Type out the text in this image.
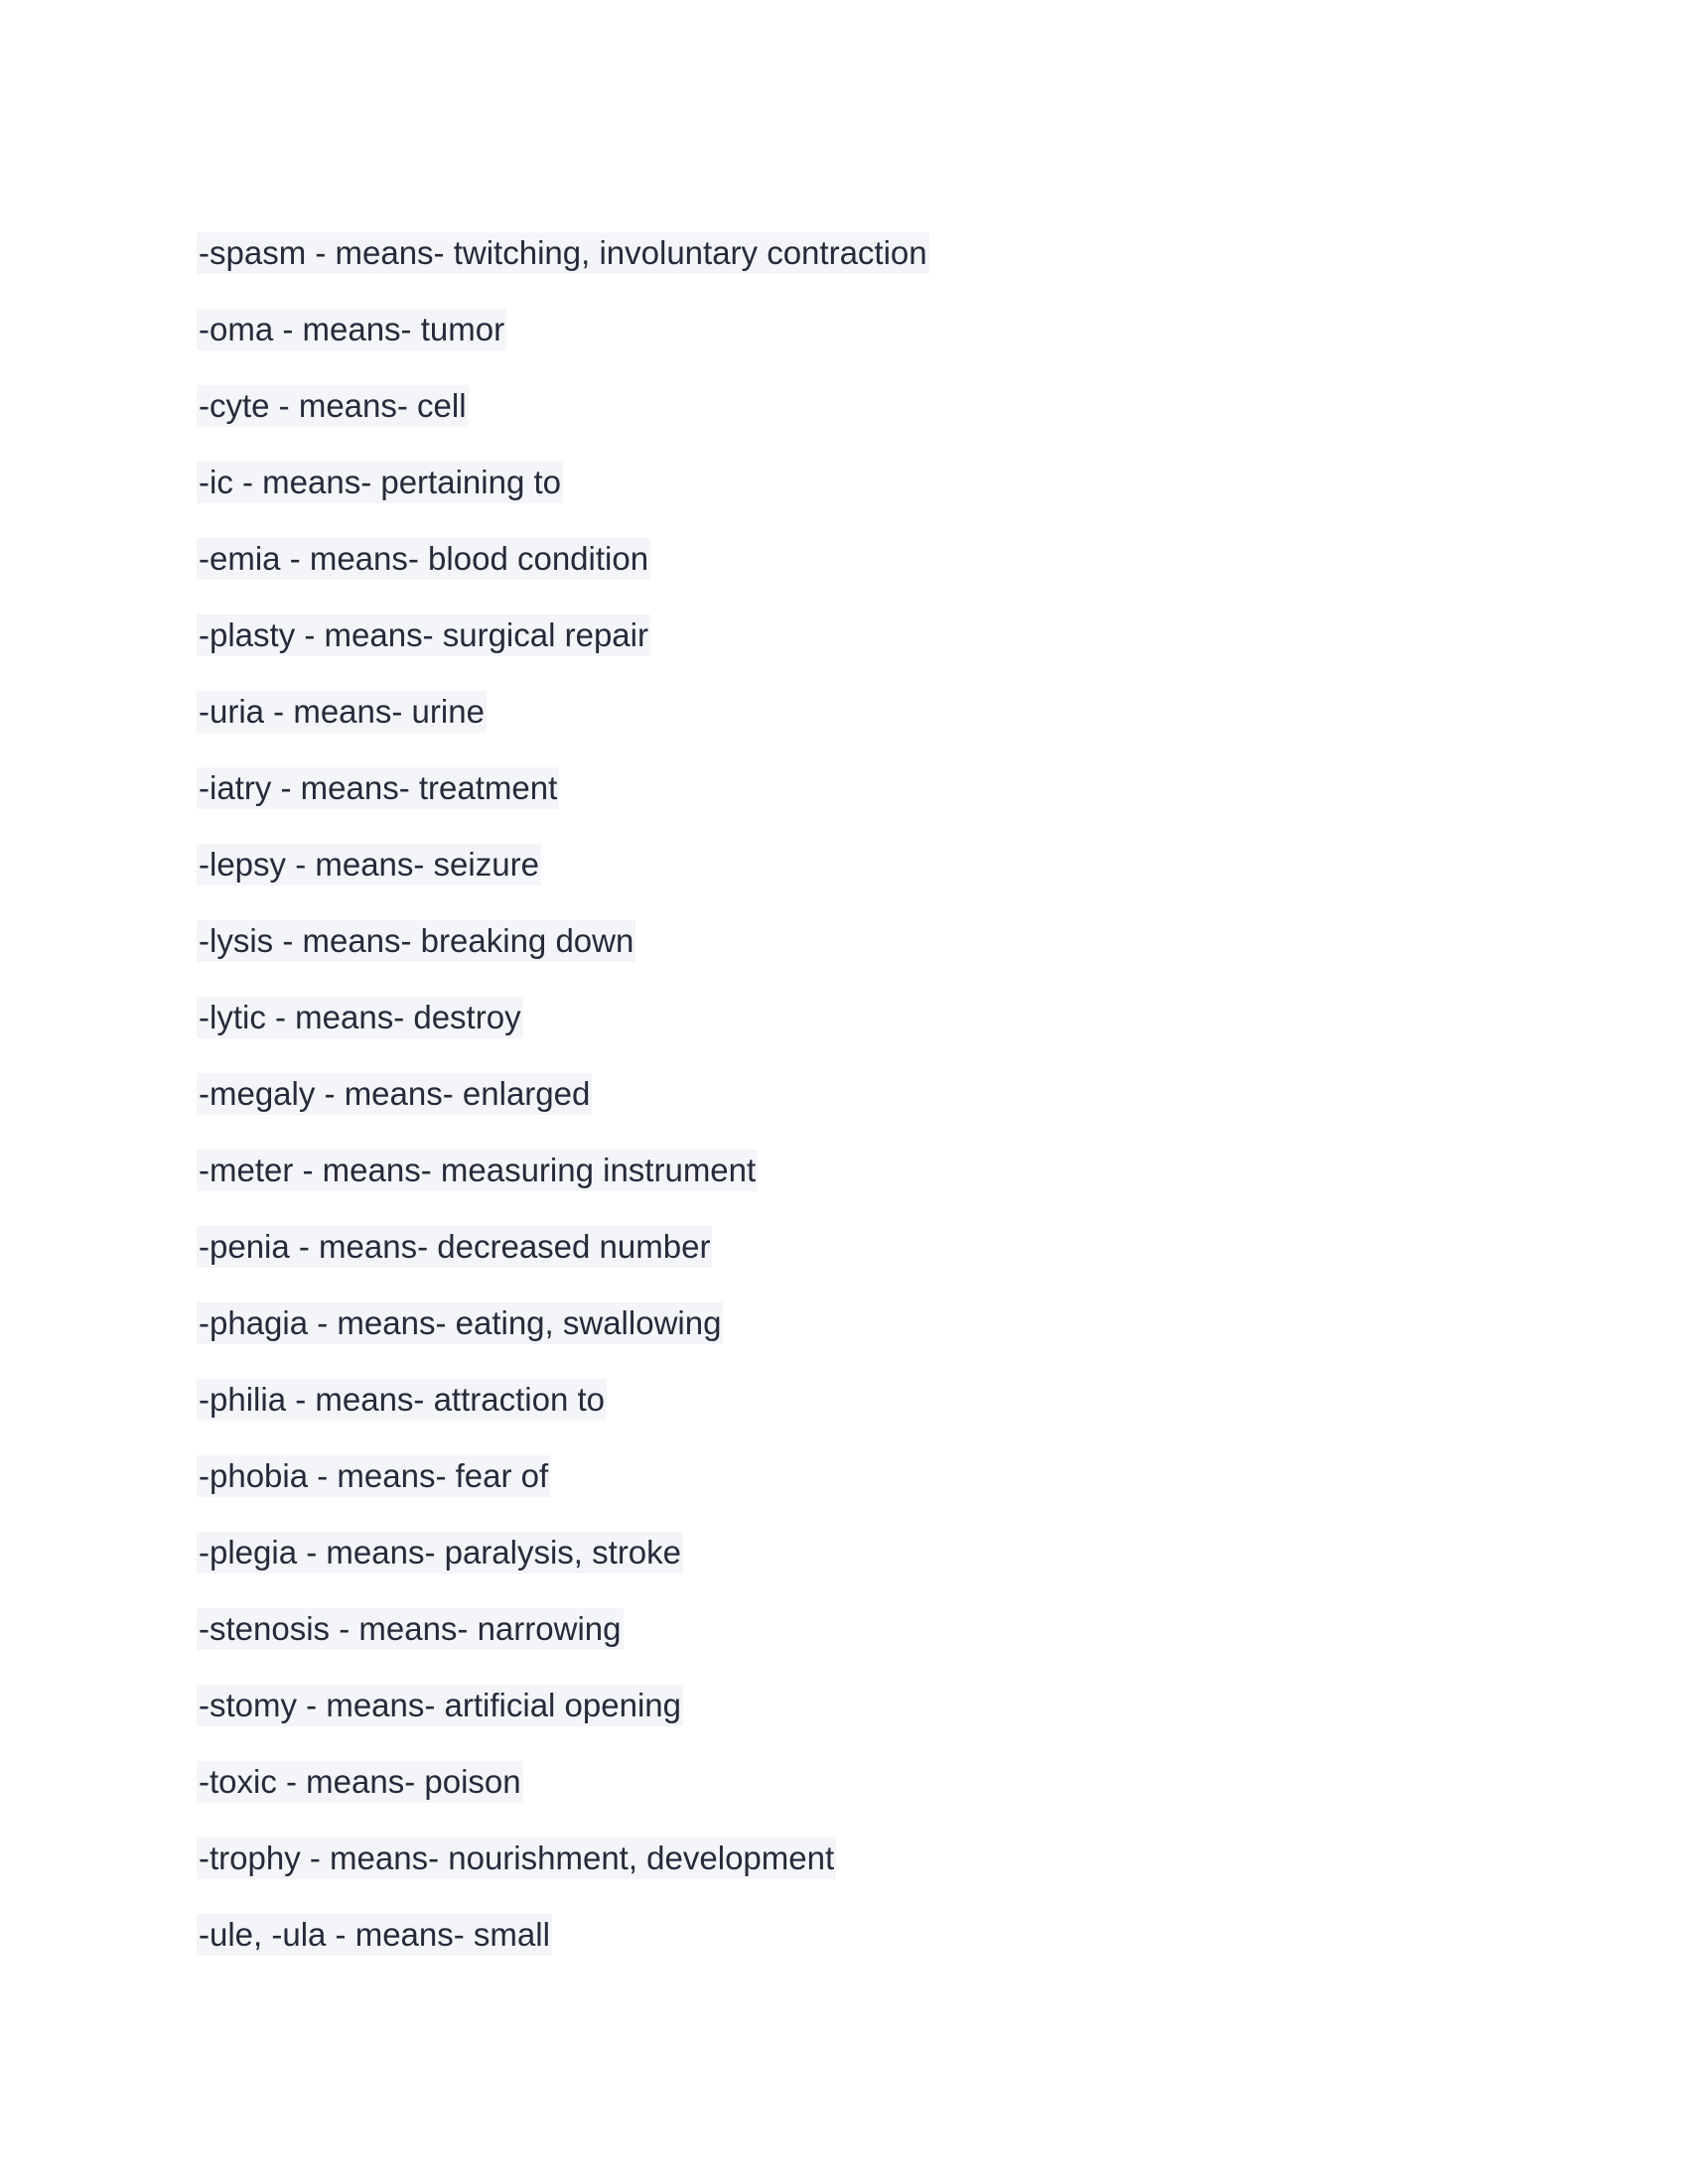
-spasm - means- twitching, involuntary contraction
-oma - means- tumor
-cyte - means- cell
-ic - means- pertaining to
-emia - means- blood condition
-plasty - means- surgical repair
-uria - means- urine
-iatry - means- treatment
-lepsy - means- seizure
-lysis - means- breaking down
-lytic - means- destroy
-megaly - means- enlarged
-meter - means- measuring instrument
-penia - means- decreased number
-phagia - means- eating, swallowing
-philia - means- attraction to
-phobia - means- fear of
-plegia - means- paralysis, stroke
-stenosis - means- narrowing
-stomy - means- artificial opening
-toxic - means- poison
-trophy - means- nourishment, development
-ule, -ula - means- small
